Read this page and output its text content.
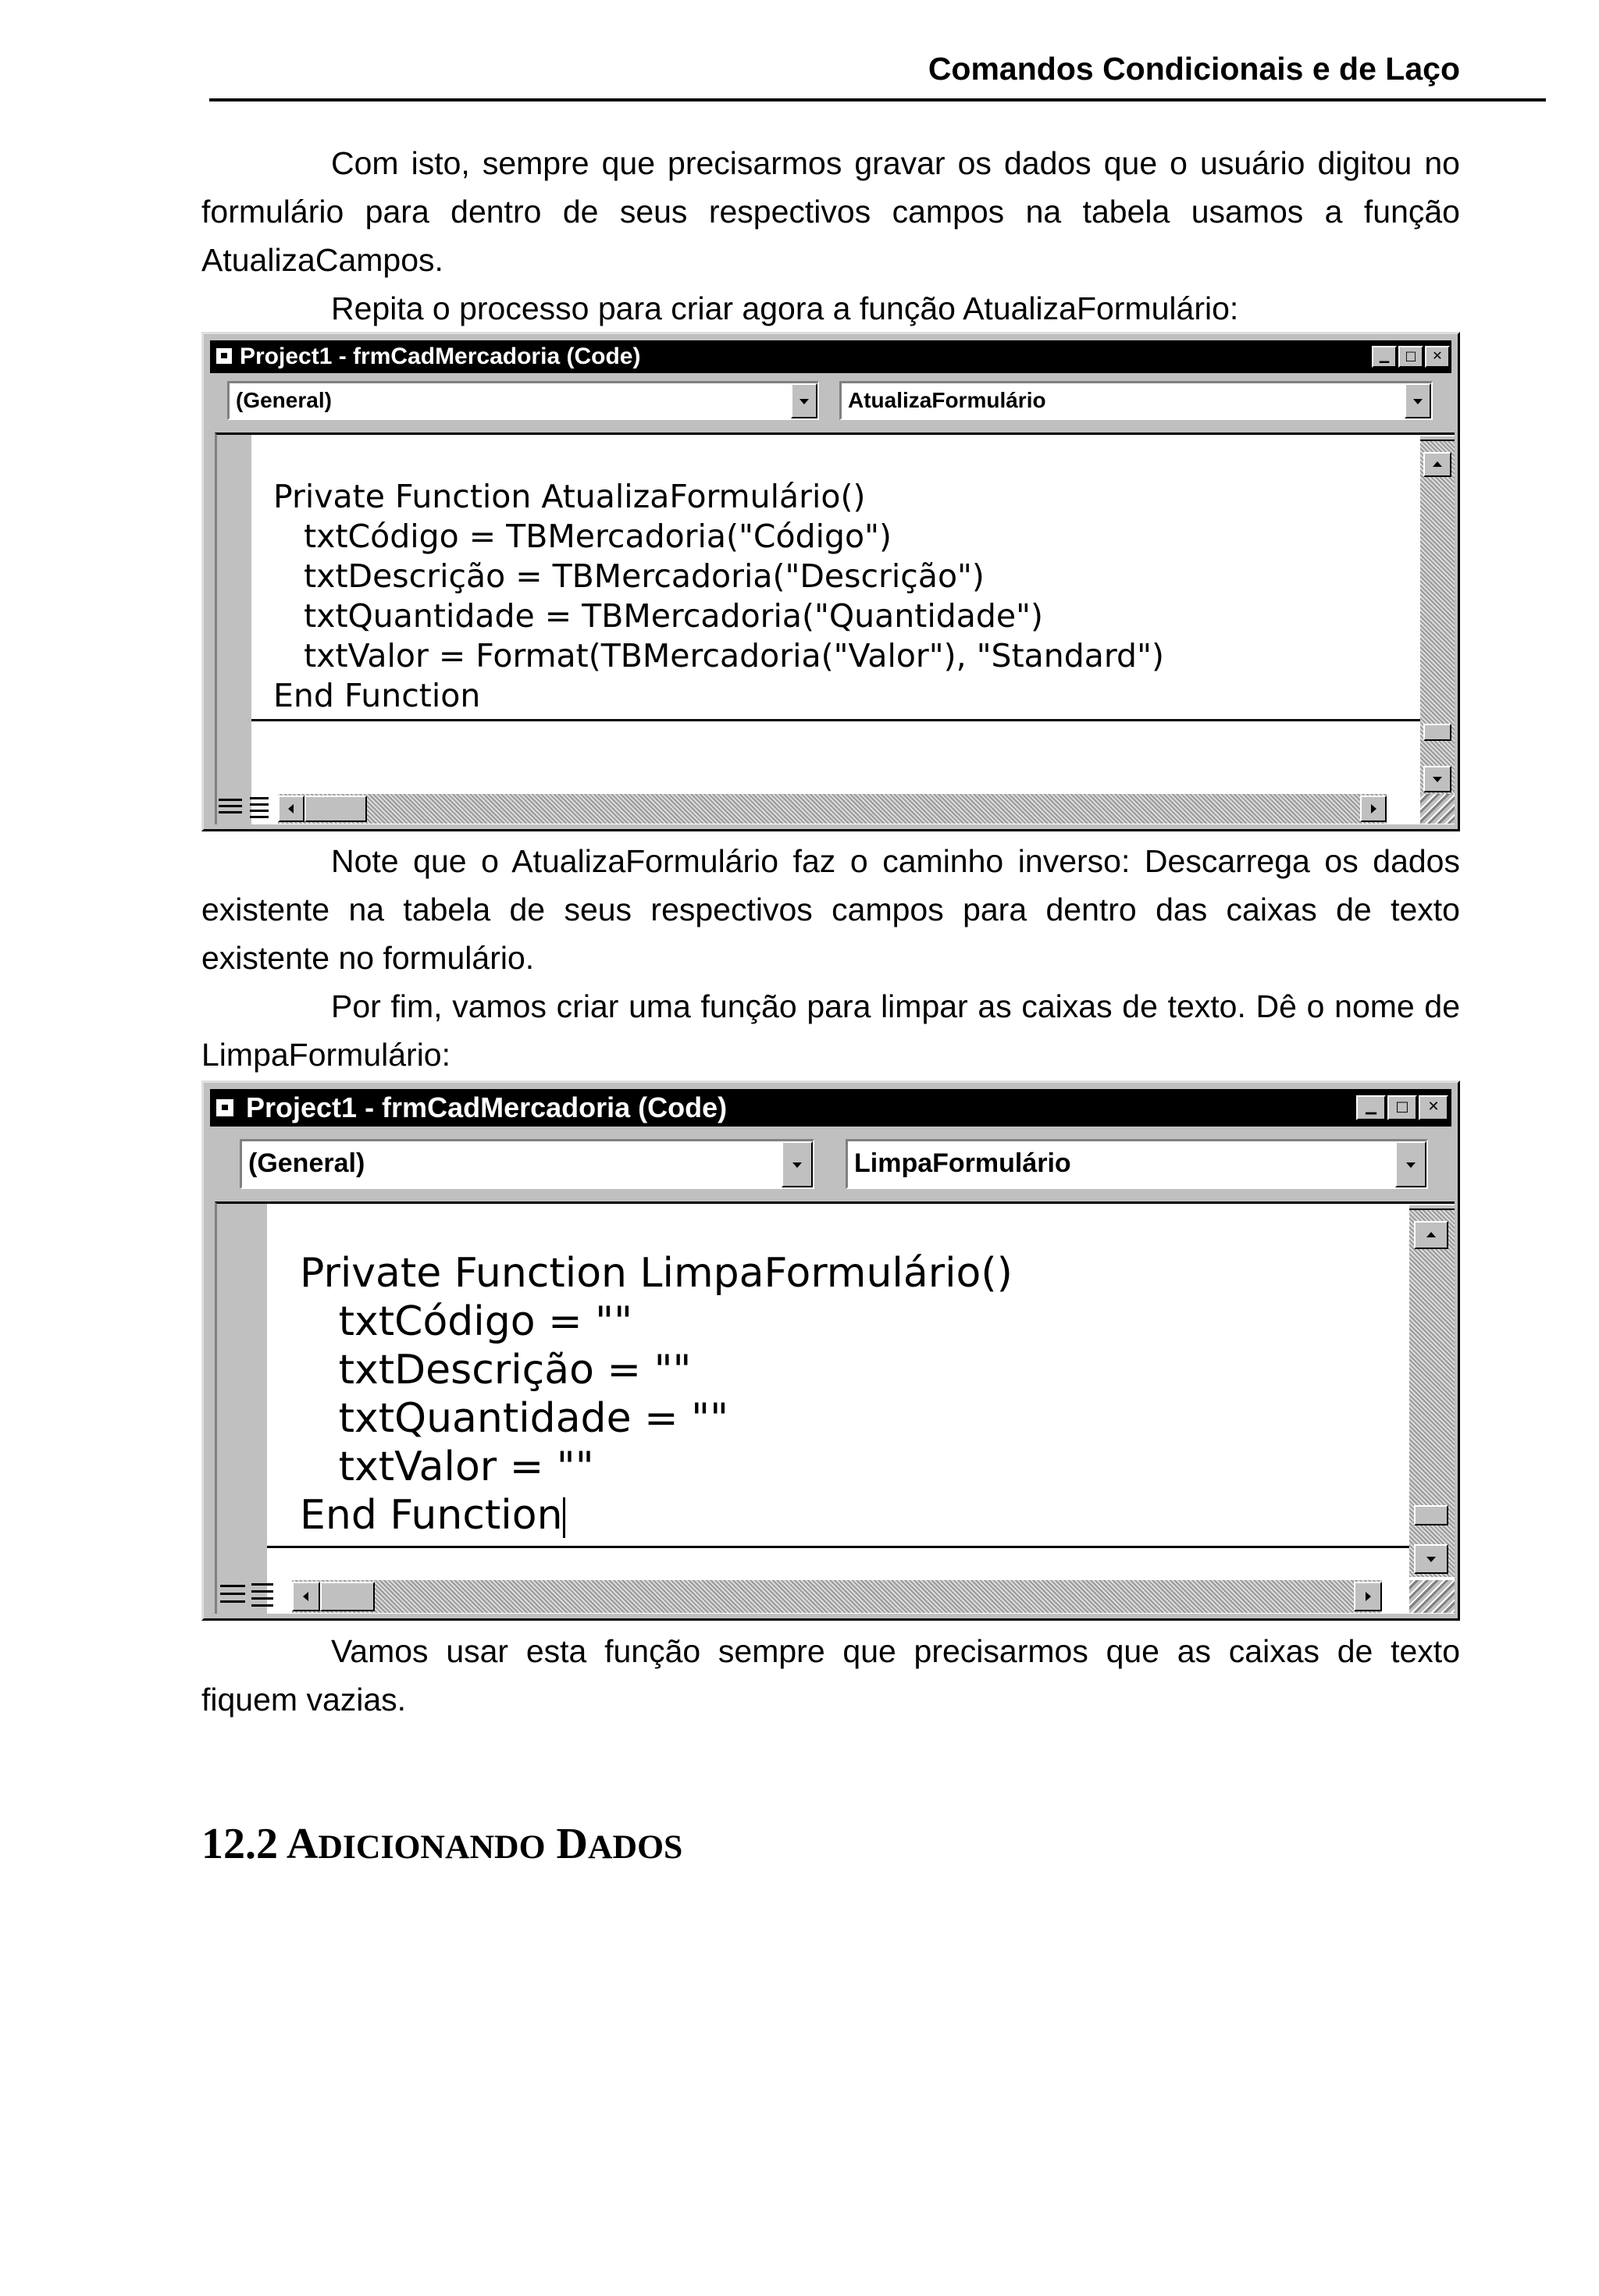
Comandos Condicionais e de Laço

Com isto, sempre que precisarmos gravar os dados que o usuário digitou no formulário para dentro de seus respectivos campos na tabela usamos a função AtualizaCampos.

Repita o processo para criar agora a função AtualizaFormulário:

Project1 - frmCadMercadoria (Code)	▁	□	✕
(General)	AtualizaFormulário
Private Function AtualizaFormulário()
txtCódigo = TBMercadoria("Código")
txtDescrição = TBMercadoria("Descrição")
txtQuantidade = TBMercadoria("Quantidade")
txtValor = Format(TBMercadoria("Valor"), "Standard")
End Function

Note que o AtualizaFormulário faz o caminho inverso: Descarrega os dados existente na tabela de seus respectivos campos para dentro das caixas de texto existente no formulário.

Por fim, vamos criar uma função para limpar as caixas de texto. Dê o nome de LimpaFormulário:

Project1 - frmCadMercadoria (Code)	▁	□	✕
(General)	LimpaFormulário
Private Function LimpaFormulário()
txtCódigo = ""
txtDescrição = ""
txtQuantidade = ""
txtValor = ""
End Function

Vamos usar esta função sempre que precisarmos que as caixas de texto fiquem vazias.

12.2 ADICIONANDO DADOS
